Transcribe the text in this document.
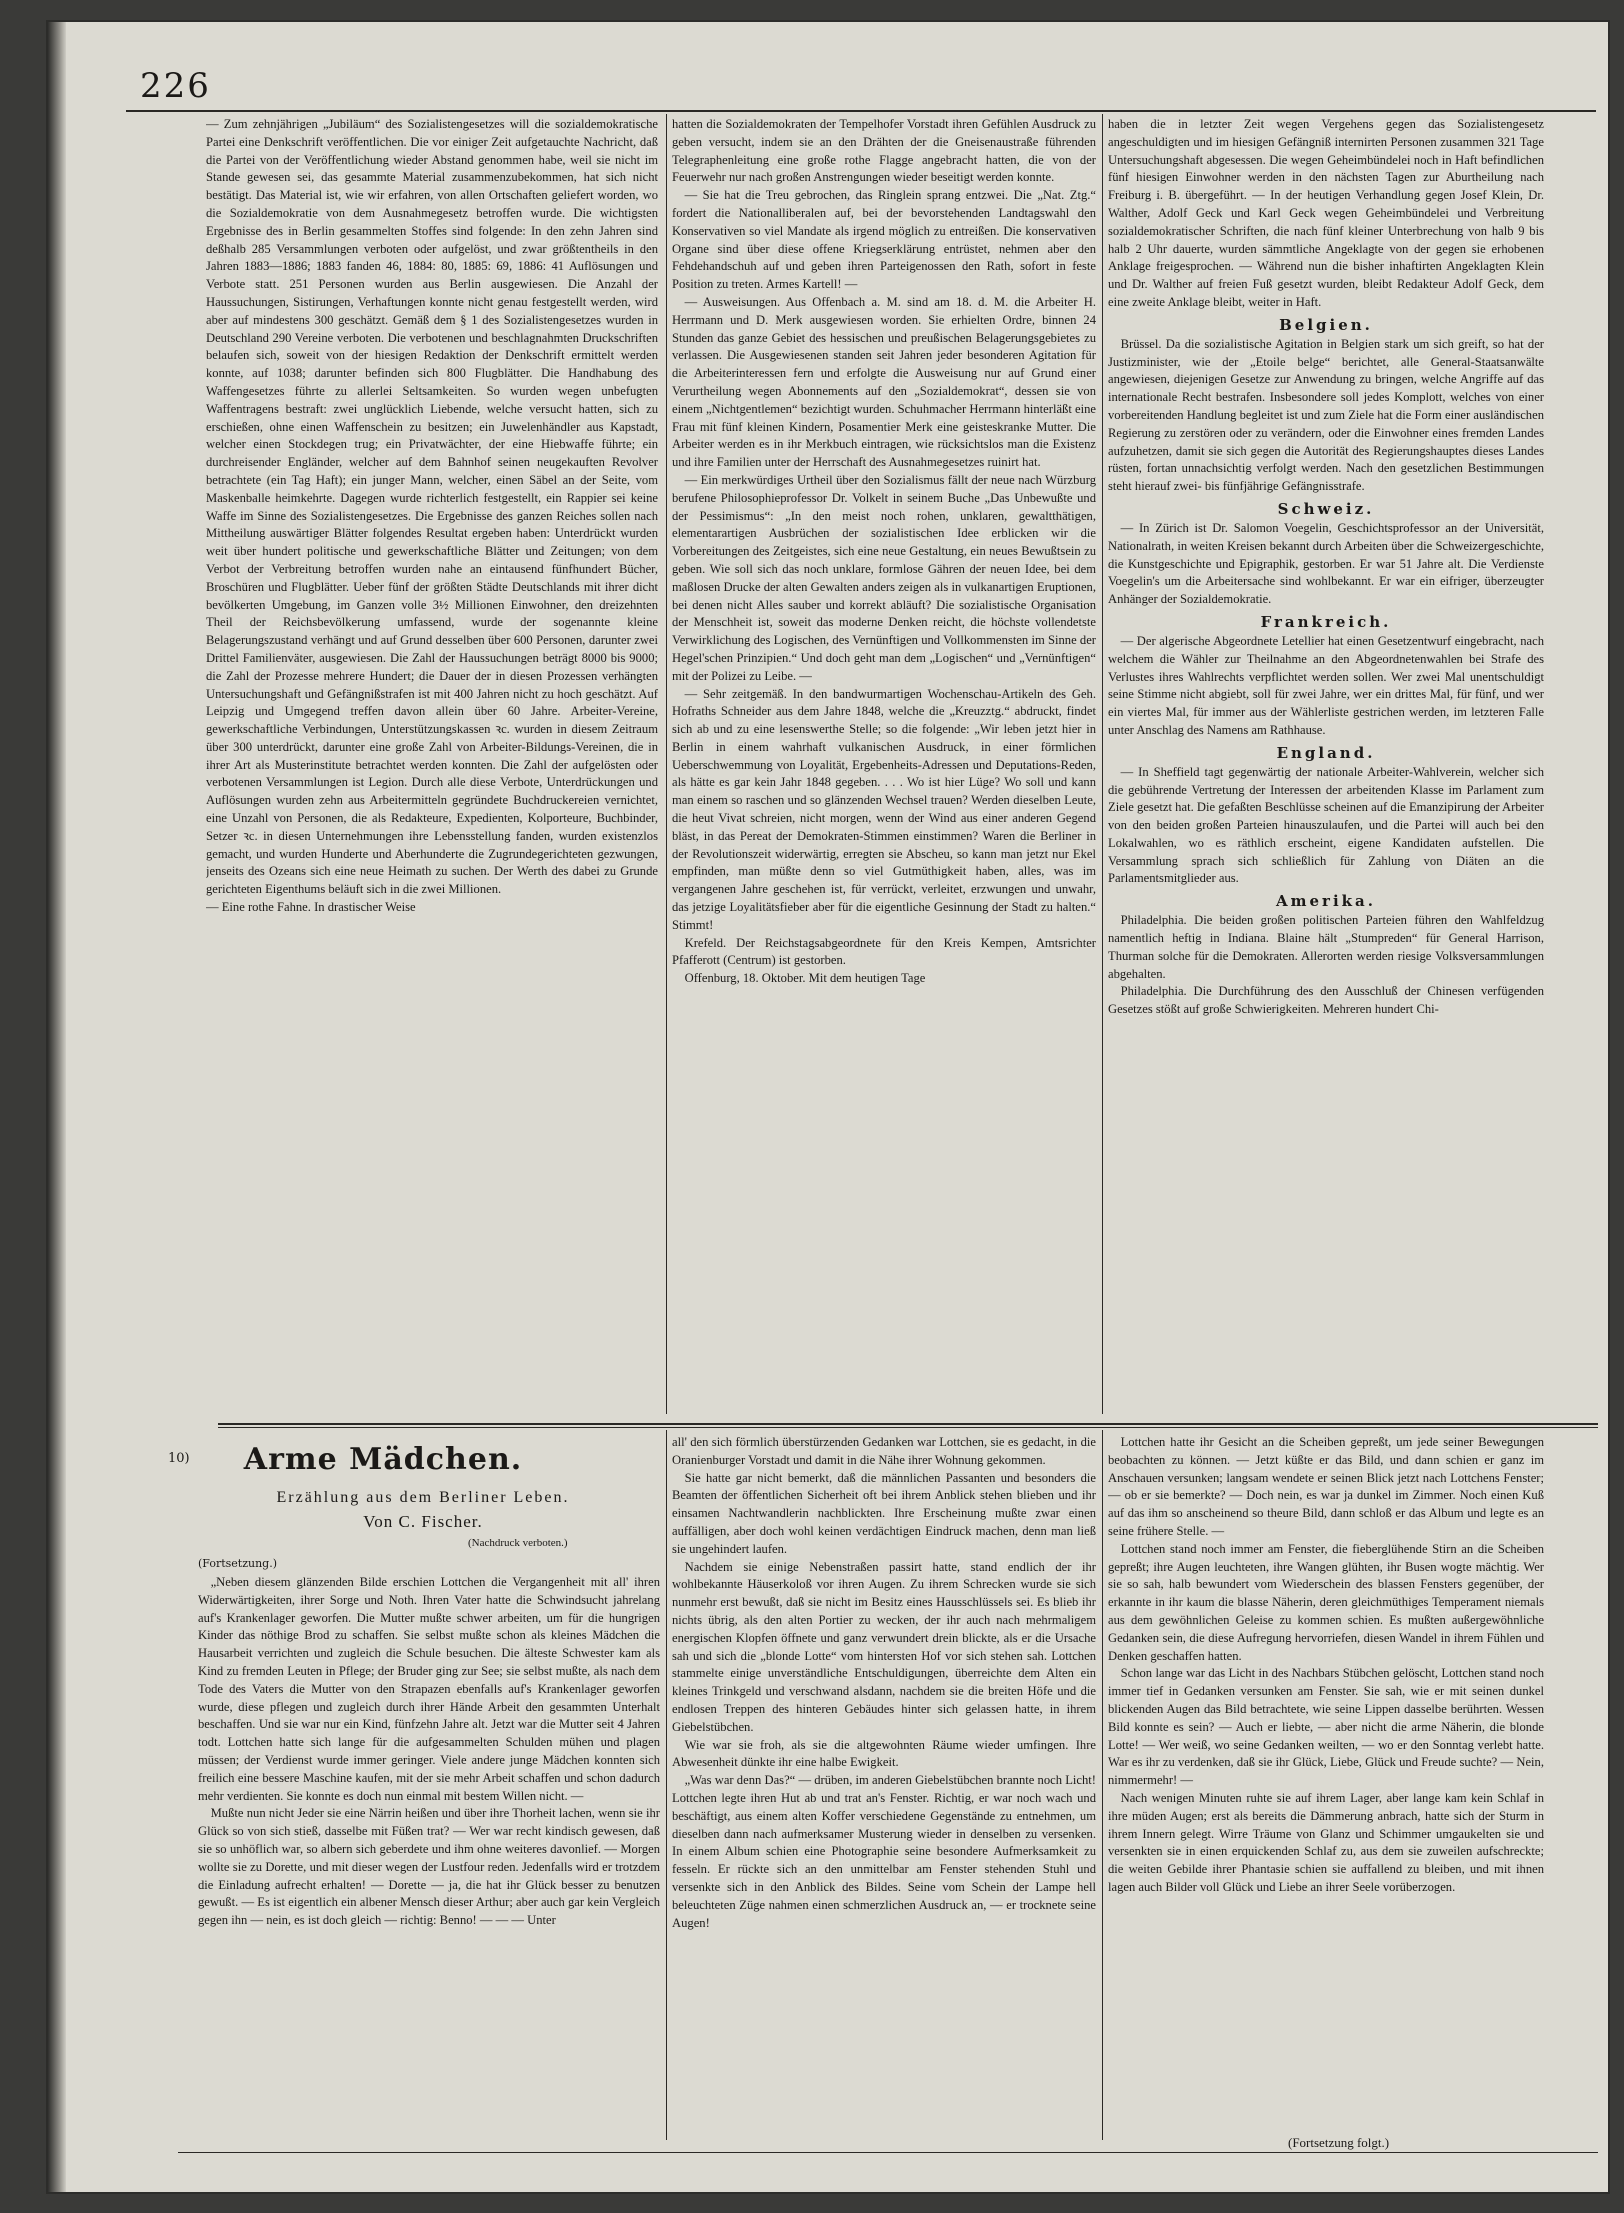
226

— Zum zehnjährigen „Jubiläum“ des Sozialistengesetzes will die sozialdemokratische Partei eine Denkschrift veröffentlichen. Die vor einiger Zeit aufgetauchte Nachricht, daß die Partei von der Veröffentlichung wieder Abstand genommen habe, weil sie nicht im Stande gewesen sei, das gesammte Material zusammenzubekommen, hat sich nicht bestätigt. Das Material ist, wie wir erfahren, von allen Ortschaften geliefert worden, wo die Sozialdemokratie von dem Ausnahmegesetz betroffen wurde. Die wichtigsten Ergebnisse des in Berlin gesammelten Stoffes sind folgende: In den zehn Jahren sind deßhalb 285 Versammlungen verboten oder aufgelöst, und zwar größtentheils in den Jahren 1883—1886; 1883 fanden 46, 1884: 80, 1885: 69, 1886: 41 Auflösungen und Verbote statt. 251 Personen wurden aus Berlin ausgewiesen. Die Anzahl der Haussuchungen, Sistirungen, Verhaftungen konnte nicht genau festgestellt werden, wird aber auf mindestens 300 geschätzt. Gemäß dem § 1 des Sozialistengesetzes wurden in Deutschland 290 Vereine verboten. Die verbotenen und beschlagnahmten Druckschriften belaufen sich, soweit von der hiesigen Redaktion der Denkschrift ermittelt werden konnte, auf 1038; darunter befinden sich 800 Flugblätter. Die Handhabung des Waffengesetzes führte zu allerlei Seltsamkeiten. So wurden wegen unbefugten Waffentragens bestraft: zwei unglücklich Liebende, welche versucht hatten, sich zu erschießen, ohne einen Waffenschein zu besitzen; ein Juwelenhändler aus Kapstadt, welcher einen Stockdegen trug; ein Privatwächter, der eine Hiebwaffe führte; ein durchreisender Engländer, welcher auf dem Bahnhof seinen neugekauften Revolver betrachtete (ein Tag Haft); ein junger Mann, welcher, einen Säbel an der Seite, vom Maskenballe heimkehrte. Dagegen wurde richterlich festgestellt, ein Rappier sei keine Waffe im Sinne des Sozialistengesetzes. Die Ergebnisse des ganzen Reiches sollen nach Mittheilung auswärtiger Blätter folgendes Resultat ergeben haben: Unterdrückt wurden weit über hundert politische und gewerkschaftliche Blätter und Zeitungen; von dem Verbot der Verbreitung betroffen wurden nahe an eintausend fünfhundert Bücher, Broschüren und Flugblätter. Ueber fünf der größten Städte Deutschlands mit ihrer dicht bevölkerten Umgebung, im Ganzen volle 3½ Millionen Einwohner, den dreizehnten Theil der Reichsbevölkerung umfassend, wurde der sogenannte kleine Belagerungszustand verhängt und auf Grund desselben über 600 Personen, darunter zwei Drittel Familienväter, ausgewiesen. Die Zahl der Haussuchungen beträgt 8000 bis 9000; die Zahl der Prozesse mehrere Hundert; die Dauer der in diesen Prozessen verhängten Untersuchungshaft und Gefängnißstrafen ist mit 400 Jahren nicht zu hoch geschätzt. Auf Leipzig und Umgegend treffen davon allein über 60 Jahre. Arbeiter-Vereine, gewerkschaftliche Verbindungen, Unterstützungskassen ꝛc. wurden in diesem Zeitraum über 300 unterdrückt, darunter eine große Zahl von Arbeiter-Bildungs-Vereinen, die in ihrer Art als Musterinstitute betrachtet werden konnten. Die Zahl der aufgelösten oder verbotenen Versammlungen ist Legion. Durch alle diese Verbote, Unterdrückungen und Auflösungen wurden zehn aus Arbeitermitteln gegründete Buchdruckereien vernichtet, eine Unzahl von Personen, die als Redakteure, Expedienten, Kolporteure, Buchbinder, Setzer ꝛc. in diesen Unternehmungen ihre Lebensstellung fanden, wurden existenzlos gemacht, und wurden Hunderte und Aberhunderte die Zugrundegerichteten gezwungen, jenseits des Ozeans sich eine neue Heimath zu suchen. Der Werth des dabei zu Grunde gerichteten Eigenthums beläuft sich in die zwei Millionen.

— Eine rothe Fahne. In drastischer Weise

hatten die Sozialdemokraten der Tempelhofer Vorstadt ihren Gefühlen Ausdruck zu geben versucht, indem sie an den Drähten der die Gneisenaustraße führenden Telegraphenleitung eine große rothe Flagge angebracht hatten, die von der Feuerwehr nur nach großen Anstrengungen wieder beseitigt werden konnte.

— Sie hat die Treu gebrochen, das Ringlein sprang entzwei. Die „Nat. Ztg.“ fordert die Nationalliberalen auf, bei der bevorstehenden Landtagswahl den Konservativen so viel Mandate als irgend möglich zu entreißen. Die konservativen Organe sind über diese offene Kriegserklärung entrüstet, nehmen aber den Fehdehandschuh auf und geben ihren Parteigenossen den Rath, sofort in feste Position zu treten. Armes Kartell! —

— Ausweisungen. Aus Offenbach a. M. sind am 18. d. M. die Arbeiter H. Herrmann und D. Merk ausgewiesen worden. Sie erhielten Ordre, binnen 24 Stunden das ganze Gebiet des hessischen und preußischen Belagerungsgebietes zu verlassen. Die Ausgewiesenen standen seit Jahren jeder besonderen Agitation für die Arbeiterinteressen fern und erfolgte die Ausweisung nur auf Grund einer Verurtheilung wegen Abonnements auf den „Sozialdemokrat“, dessen sie von einem „Nichtgentlemen“ bezichtigt wurden. Schuhmacher Herrmann hinterläßt eine Frau mit fünf kleinen Kindern, Posamentier Merk eine geisteskranke Mutter. Die Arbeiter werden es in ihr Merkbuch eintragen, wie rücksichtslos man die Existenz und ihre Familien unter der Herrschaft des Ausnahmegesetzes ruinirt hat.

— Ein merkwürdiges Urtheil über den Sozialismus fällt der neue nach Würzburg berufene Philosophieprofessor Dr. Volkelt in seinem Buche „Das Unbewußte und der Pessimismus“: „In den meist noch rohen, unklaren, gewaltthätigen, elementarartigen Ausbrüchen der sozialistischen Idee erblicken wir die Vorbereitungen des Zeitgeistes, sich eine neue Gestaltung, ein neues Bewußtsein zu geben. Wie soll sich das noch unklare, formlose Gähren der neuen Idee, bei dem maßlosen Drucke der alten Gewalten anders zeigen als in vulkanartigen Eruptionen, bei denen nicht Alles sauber und korrekt abläuft? Die sozialistische Organisation der Menschheit ist, soweit das moderne Denken reicht, die höchste vollendetste Verwirklichung des Logischen, des Vernünftigen und Vollkommensten im Sinne der Hegel'schen Prinzipien.“ Und doch geht man dem „Logischen“ und „Vernünftigen“ mit der Polizei zu Leibe. —

— Sehr zeitgemäß. In den bandwurmartigen Wochenschau-Artikeln des Geh. Hofraths Schneider aus dem Jahre 1848, welche die „Kreuzztg.“ abdruckt, findet sich ab und zu eine lesenswerthe Stelle; so die folgende: „Wir leben jetzt hier in Berlin in einem wahrhaft vulkanischen Ausdruck, in einer förmlichen Ueberschwemmung von Loyalität, Ergebenheits-Adressen und Deputations-Reden, als hätte es gar kein Jahr 1848 gegeben. . . . Wo ist hier Lüge? Wo soll und kann man einem so raschen und so glänzenden Wechsel trauen? Werden dieselben Leute, die heut Vivat schreien, nicht morgen, wenn der Wind aus einer anderen Gegend bläst, in das Pereat der Demokraten-Stimmen einstimmen? Waren die Berliner in der Revolutionszeit widerwärtig, erregten sie Abscheu, so kann man jetzt nur Ekel empfinden, man müßte denn so viel Gutmüthigkeit haben, alles, was im vergangenen Jahre geschehen ist, für verrückt, verleitet, erzwungen und unwahr, das jetzige Loyalitätsfieber aber für die eigentliche Gesinnung der Stadt zu halten.“ Stimmt!

Krefeld. Der Reichstagsabgeordnete für den Kreis Kempen, Amtsrichter Pfafferott (Centrum) ist gestorben.

Offenburg, 18. Oktober. Mit dem heutigen Tage

haben die in letzter Zeit wegen Vergehens gegen das Sozialistengesetz angeschuldigten und im hiesigen Gefängniß internirten Personen zusammen 321 Tage Untersuchungshaft abgesessen. Die wegen Geheimbündelei noch in Haft befindlichen fünf hiesigen Einwohner werden in den nächsten Tagen zur Aburtheilung nach Freiburg i. B. übergeführt. — In der heutigen Verhandlung gegen Josef Klein, Dr. Walther, Adolf Geck und Karl Geck wegen Geheimbündelei und Verbreitung sozialdemokratischer Schriften, die nach fünf kleiner Unterbrechung von halb 9 bis halb 2 Uhr dauerte, wurden sämmtliche Angeklagte von der gegen sie erhobenen Anklage freigesprochen. — Während nun die bisher inhaftirten Angeklagten Klein und Dr. Walther auf freien Fuß gesetzt wurden, bleibt Redakteur Adolf Geck, dem eine zweite Anklage bleibt, weiter in Haft.

Belgien.

Brüssel. Da die sozialistische Agitation in Belgien stark um sich greift, so hat der Justizminister, wie der „Etoile belge“ berichtet, alle General-Staatsanwälte angewiesen, diejenigen Gesetze zur Anwendung zu bringen, welche Angriffe auf das internationale Recht bestrafen. Insbesondere soll jedes Komplott, welches von einer vorbereitenden Handlung begleitet ist und zum Ziele hat die Form einer ausländischen Regierung zu zerstören oder zu verändern, oder die Einwohner eines fremden Landes aufzuhetzen, damit sie sich gegen die Autorität des Regierungshauptes dieses Landes rüsten, fortan unnachsichtig verfolgt werden. Nach den gesetzlichen Bestimmungen steht hierauf zwei- bis fünfjährige Gefängnisstrafe.

Schweiz.

— In Zürich ist Dr. Salomon Voegelin, Geschichtsprofessor an der Universität, Nationalrath, in weiten Kreisen bekannt durch Arbeiten über die Schweizergeschichte, die Kunstgeschichte und Epigraphik, gestorben. Er war 51 Jahre alt. Die Verdienste Voegelin's um die Arbeitersache sind wohlbekannt. Er war ein eifriger, überzeugter Anhänger der Sozialdemokratie.

Frankreich.

— Der algerische Abgeordnete Letellier hat einen Gesetzentwurf eingebracht, nach welchem die Wähler zur Theilnahme an den Abgeordnetenwahlen bei Strafe des Verlustes ihres Wahlrechts verpflichtet werden sollen. Wer zwei Mal unentschuldigt seine Stimme nicht abgiebt, soll für zwei Jahre, wer ein drittes Mal, für fünf, und wer ein viertes Mal, für immer aus der Wählerliste gestrichen werden, im letzteren Falle unter Anschlag des Namens am Rathhause.

England.

— In Sheffield tagt gegenwärtig der nationale Arbeiter-Wahlverein, welcher sich die gebührende Vertretung der Interessen der arbeitenden Klasse im Parlament zum Ziele gesetzt hat. Die gefaßten Beschlüsse scheinen auf die Emanzipirung der Arbeiter von den beiden großen Parteien hinauszulaufen, und die Partei will auch bei den Lokalwahlen, wo es räthlich erscheint, eigene Kandidaten aufstellen. Die Versammlung sprach sich schließlich für Zahlung von Diäten an die Parlamentsmitglieder aus.

Amerika.

Philadelphia. Die beiden großen politischen Parteien führen den Wahlfeldzug namentlich heftig in Indiana. Blaine hält „Stumpreden“ für General Harrison, Thurman solche für die Demokraten. Allerorten werden riesige Volksversammlungen abgehalten.

Philadelphia. Die Durchführung des den Ausschluß der Chinesen verfügenden Gesetzes stößt auf große Schwierigkeiten. Mehreren hundert Chi-

10)	Arme Mädchen.
Erzählung aus dem Berliner Leben.
Von C. Fischer.
(Nachdruck verboten.)
(Fortsetzung.)

„Neben diesem glänzenden Bilde erschien Lottchen die Vergangenheit mit all' ihren Widerwärtigkeiten, ihrer Sorge und Noth. Ihren Vater hatte die Schwindsucht jahrelang auf's Krankenlager geworfen. Die Mutter mußte schwer arbeiten, um für die hungrigen Kinder das nöthige Brod zu schaffen. Sie selbst mußte schon als kleines Mädchen die Hausarbeit verrichten und zugleich die Schule besuchen. Die älteste Schwester kam als Kind zu fremden Leuten in Pflege; der Bruder ging zur See; sie selbst mußte, als nach dem Tode des Vaters die Mutter von den Strapazen ebenfalls auf's Krankenlager geworfen wurde, diese pflegen und zugleich durch ihrer Hände Arbeit den gesammten Unterhalt beschaffen. Und sie war nur ein Kind, fünfzehn Jahre alt. Jetzt war die Mutter seit 4 Jahren todt. Lottchen hatte sich lange für die aufgesammelten Schulden mühen und plagen müssen; der Verdienst wurde immer geringer. Viele andere junge Mädchen konnten sich freilich eine bessere Maschine kaufen, mit der sie mehr Arbeit schaffen und schon dadurch mehr verdienten. Sie konnte es doch nun einmal mit bestem Willen nicht. —

Mußte nun nicht Jeder sie eine Närrin heißen und über ihre Thorheit lachen, wenn sie ihr Glück so von sich stieß, dasselbe mit Füßen trat? — Wer war recht kindisch gewesen, daß sie so unhöflich war, so albern sich geberdete und ihm ohne weiteres davonlief. — Morgen wollte sie zu Dorette, und mit dieser wegen der Lustfour reden. Jedenfalls wird er trotzdem die Einladung aufrecht erhalten! — Dorette — ja, die hat ihr Glück besser zu benutzen gewußt. — Es ist eigentlich ein albener Mensch dieser Arthur; aber auch gar kein Vergleich gegen ihn — nein, es ist doch gleich — richtig: Benno! — — — Unter

all' den sich förmlich überstürzenden Gedanken war Lottchen, sie es gedacht, in die Oranienburger Vorstadt und damit in die Nähe ihrer Wohnung gekommen.

Sie hatte gar nicht bemerkt, daß die männlichen Passanten und besonders die Beamten der öffentlichen Sicherheit oft bei ihrem Anblick stehen blieben und ihr einsamen Nachtwandlerin nachblickten. Ihre Erscheinung mußte zwar einen auffälligen, aber doch wohl keinen verdächtigen Eindruck machen, denn man ließ sie ungehindert laufen.

Nachdem sie einige Nebenstraßen passirt hatte, stand endlich der ihr wohlbekannte Häuserkoloß vor ihren Augen. Zu ihrem Schrecken wurde sie sich nunmehr erst bewußt, daß sie nicht im Besitz eines Hausschlüssels sei. Es blieb ihr nichts übrig, als den alten Portier zu wecken, der ihr auch nach mehrmaligem energischen Klopfen öffnete und ganz verwundert drein blickte, als er die Ursache sah und sich die „blonde Lotte“ vom hintersten Hof vor sich stehen sah. Lottchen stammelte einige unverständliche Entschuldigungen, überreichte dem Alten ein kleines Trinkgeld und verschwand alsdann, nachdem sie die breiten Höfe und die endlosen Treppen des hinteren Gebäudes hinter sich gelassen hatte, in ihrem Giebelstübchen.

Wie war sie froh, als sie die altgewohnten Räume wieder umfingen. Ihre Abwesenheit dünkte ihr eine halbe Ewigkeit.

„Was war denn Das?“ — drüben, im anderen Giebelstübchen brannte noch Licht! Lottchen legte ihren Hut ab und trat an's Fenster. Richtig, er war noch wach und beschäftigt, aus einem alten Koffer verschiedene Gegenstände zu entnehmen, um dieselben dann nach aufmerksamer Musterung wieder in denselben zu versenken. In einem Album schien eine Photographie seine besondere Aufmerksamkeit zu fesseln. Er rückte sich an den unmittelbar am Fenster stehenden Stuhl und versenkte sich in den Anblick des Bildes. Seine vom Schein der Lampe hell beleuchteten Züge nahmen einen schmerzlichen Ausdruck an, — er trocknete seine Augen!

Lottchen hatte ihr Gesicht an die Scheiben gepreßt, um jede seiner Bewegungen beobachten zu können. — Jetzt küßte er das Bild, und dann schien er ganz im Anschauen versunken; langsam wendete er seinen Blick jetzt nach Lottchens Fenster; — ob er sie bemerkte? — Doch nein, es war ja dunkel im Zimmer. Noch einen Kuß auf das ihm so anscheinend so theure Bild, dann schloß er das Album und legte es an seine frühere Stelle. —

Lottchen stand noch immer am Fenster, die fieberglühende Stirn an die Scheiben gepreßt; ihre Augen leuchteten, ihre Wangen glühten, ihr Busen wogte mächtig. Wer sie so sah, halb bewundert vom Wiederschein des blassen Fensters gegenüber, der erkannte in ihr kaum die blasse Näherin, deren gleichmüthiges Temperament niemals aus dem gewöhnlichen Geleise zu kommen schien. Es mußten außergewöhnliche Gedanken sein, die diese Aufregung hervorriefen, diesen Wandel in ihrem Fühlen und Denken geschaffen hatten.

Schon lange war das Licht in des Nachbars Stübchen gelöscht, Lottchen stand noch immer tief in Gedanken versunken am Fenster. Sie sah, wie er mit seinen dunkel blickenden Augen das Bild betrachtete, wie seine Lippen dasselbe berührten. Wessen Bild konnte es sein? — Auch er liebte, — aber nicht die arme Näherin, die blonde Lotte! — Wer weiß, wo seine Gedanken weilten, — wo er den Sonntag verlebt hatte. War es ihr zu verdenken, daß sie ihr Glück, Liebe, Glück und Freude suchte? — Nein, nimmermehr! —

Nach wenigen Minuten ruhte sie auf ihrem Lager, aber lange kam kein Schlaf in ihre müden Augen; erst als bereits die Dämmerung anbrach, hatte sich der Sturm in ihrem Innern gelegt. Wirre Träume von Glanz und Schimmer umgaukelten sie und versenkten sie in einen erquickenden Schlaf zu, aus dem sie zuweilen aufschreckte; die weiten Gebilde ihrer Phantasie schien sie auffallend zu bleiben, und mit ihnen lagen auch Bilder voll Glück und Liebe an ihrer Seele vorüberzogen.

(Fortsetzung folgt.)
